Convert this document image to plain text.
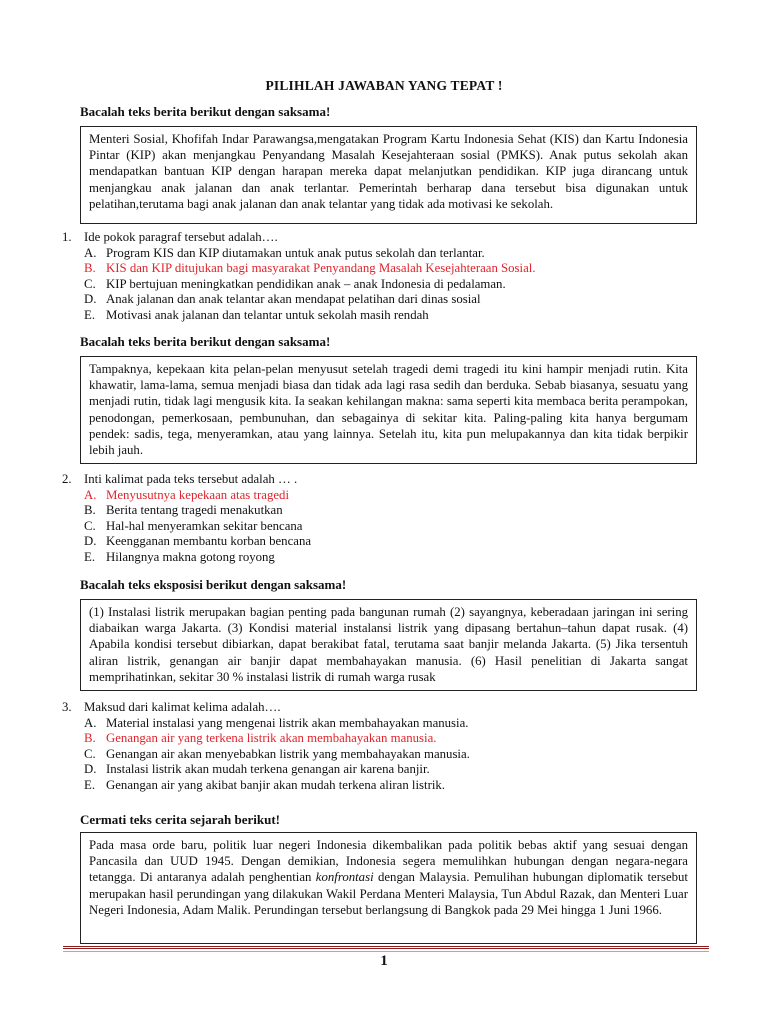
PILIHLAH JAWABAN YANG TEPAT !
Bacalah teks berita berikut dengan saksama!
Menteri Sosial, Khofifah Indar Parawangsa,mengatakan Program Kartu Indonesia Sehat (KIS) dan Kartu Indonesia Pintar (KIP) akan menjangkau Penyandang Masalah Kesejahteraan sosial (PMKS). Anak putus sekolah akan mendapatkan bantuan KIP dengan harapan mereka dapat melanjutkan pendidikan. KIP juga dirancang untuk menjangkau anak jalanan dan anak terlantar. Pemerintah berharap dana tersebut bisa digunakan untuk pelatihan,terutama bagi anak jalanan dan anak telantar yang tidak ada motivasi ke sekolah.
1. Ide pokok paragraf tersebut adalah….
A. Program KIS dan KIP diutamakan untuk anak putus sekolah dan terlantar.
B. KIS dan KIP ditujukan bagi masyarakat Penyandang Masalah Kesejahteraan Sosial.
C. KIP bertujuan meningkatkan pendidikan anak – anak Indonesia di pedalaman.
D. Anak jalanan dan anak telantar akan mendapat pelatihan dari dinas sosial
E. Motivasi anak jalanan dan telantar untuk sekolah masih rendah
Bacalah teks berita berikut dengan saksama!
Tampaknya, kepekaan kita pelan-pelan menyusut setelah tragedi demi tragedi itu kini hampir menjadi rutin. Kita khawatir, lama-lama, semua menjadi biasa dan tidak ada lagi rasa sedih dan berduka. Sebab biasanya, sesuatu yang menjadi rutin, tidak lagi mengusik kita. Ia seakan kehilangan makna: sama seperti kita membaca berita perampokan, penodongan, pemerkosaan, pembunuhan, dan sebagainya di sekitar kita. Paling-paling kita hanya bergumam pendek: sadis, tega, menyeramkan, atau yang lainnya. Setelah itu, kita pun melupakannya dan kita tidak berpikir lebih jauh.
2. Inti kalimat pada teks tersebut adalah … .
A. Menyusutnya kepekaan atas tragedi
B. Berita tentang tragedi menakutkan
C. Hal-hal menyeramkan sekitar bencana
D. Keengganan membantu korban bencana
E. Hilangnya makna gotong royong
Bacalah teks eksposisi berikut dengan saksama!
(1) Instalasi listrik merupakan bagian penting pada bangunan rumah (2) sayangnya, keberadaan jaringan ini sering diabaikan warga Jakarta. (3) Kondisi material instalansi listrik yang dipasang bertahun–tahun dapat rusak. (4) Apabila kondisi tersebut dibiarkan, dapat berakibat fatal, terutama saat banjir melanda Jakarta. (5) Jika tersentuh aliran listrik, genangan air banjir dapat membahayakan manusia. (6) Hasil penelitian di Jakarta sangat memprihatinkan, sekitar 30 % instalasi listrik di rumah warga rusak
3. Maksud dari kalimat kelima adalah….
A. Material instalasi yang mengenai listrik akan membahayakan manusia.
B. Genangan air yang terkena listrik akan membahayakan manusia.
C. Genangan air akan menyebabkan listrik yang membahayakan manusia.
D. Instalasi listrik akan mudah terkena genangan air karena banjir.
E. Genangan air yang akibat banjir akan mudah terkena aliran listrik.
Cermati teks cerita sejarah berikut!
Pada masa orde baru, politik luar negeri Indonesia dikembalikan pada politik bebas aktif yang sesuai dengan Pancasila dan UUD 1945. Dengan demikian, Indonesia segera memulihkan hubungan dengan negara-negara tetangga. Di antaranya adalah penghentian konfrontasi dengan Malaysia. Pemulihan hubungan diplomatik tersebut merupakan hasil perundingan yang dilakukan Wakil Perdana Menteri Malaysia, Tun Abdul Razak, dan Menteri Luar Negeri Indonesia, Adam Malik. Perundingan tersebut berlangsung di Bangkok pada 29 Mei hingga 1 Juni 1966.
1
